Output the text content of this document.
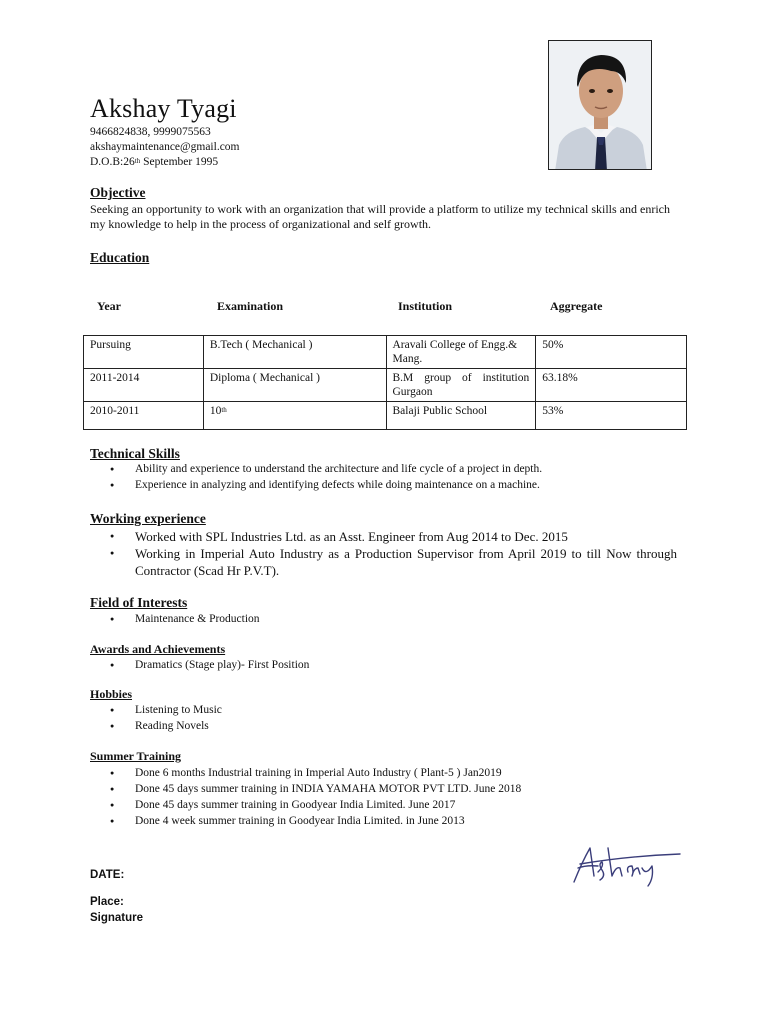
Akshay Tyagi
9466824838, 9999075563
akshaymaintenance@gmail.com
D.O.B:26th September 1995
Objective
Seeking an opportunity to work with an organization that will provide a platform to utilize my technical skills and enrich my knowledge to help in the process of organizational and self growth.
Education
Year	Examination	Institution	Aggregate
Pursuing	B.Tech ( Mechanical )	Aravali College of Engg.& Mang.	50%
2011-2014	Diploma ( Mechanical )	B.M group of institution Gurgaon	63.18%
2010-2011	10th	Balaji Public School	53%
Technical Skills
● Ability and experience to understand the architecture and life cycle of a project in depth.
● Experience in analyzing and identifying defects while doing maintenance on a machine.
Working experience
● Worked with SPL Industries Ltd. as an Asst. Engineer from Aug 2014 to Dec. 2015
● Working in Imperial Auto Industry as a Production Supervisor from April 2019 to till Now through Contractor (Scad Hr P.V.T).
Field of Interests
● Maintenance & Production
Awards and Achievements
● Dramatics (Stage play)- First Position
Hobbies
● Listening to Music
● Reading Novels
Summer Training
● Done 6 months Industrial training in Imperial Auto Industry ( Plant-5 ) Jan2019
● Done 45 days summer training in INDIA YAMAHA MOTOR PVT LTD. June 2018
● Done 45 days summer training in Goodyear India Limited. June 2017
● Done 4 week summer training in Goodyear India Limited. in June 2013
DATE:
Place:
Signature
